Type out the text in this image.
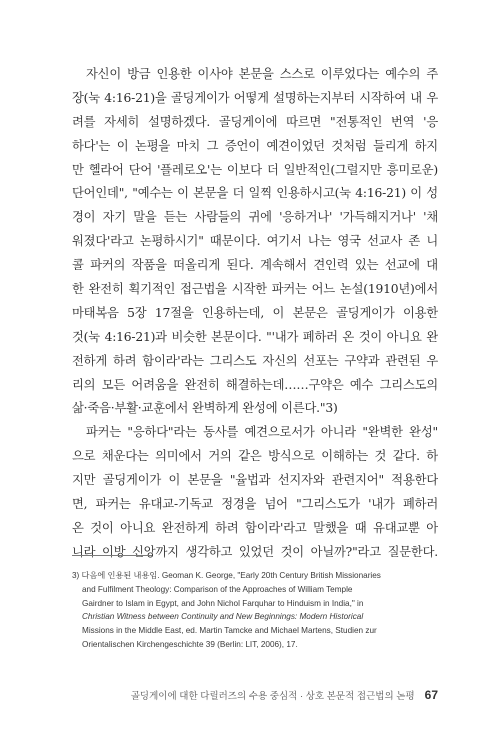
자신이 방금 인용한 이사야 본문을 스스로 이루었다는 예수의 주
장(눅 4:16-21)을 골딩게이가 어떻게 설명하는지부터 시작하여 내 우
려를 자세히 설명하겠다. 골딩게이에 따르면 "전통적인 번역 '응
하다'는 이 논평을 마치 그 증언이 예견이었던 것처럼 들리게 하지
만 헬라어 단어 '플레로오'는 이보다 더 일반적인(그럴지만 흥미로운)
단어인데", "예수는 이 본문을 더 일찍 인용하시고(눅 4:16-21) 이 성
경이 자기 말을 듣는 사람들의 귀에 '응하거나' '가득해지거나' '채
워졌다'라고 논평하시기" 때문이다. 여기서 나는 영국 선교사 존 니
콜 파커의 작품을 떠올리게 된다. 계속해서 견인력 있는 선교에 대
한 완전히 획기적인 접근법을 시작한 파커는 어느 논설(1910년)에서
마태복음 5장 17절을 인용하는데, 이 본문은 골딩게이가 이용한
것(눅 4:16-21)과 비슷한 본문이다. "'내가 폐하러 온 것이 아니요 완
전하게 하려 함이라'라는 그리스도 자신의 선포는 구약과 관련된 우
리의 모든 어려움을 완전히 해결하는데……구약은 예수 그리스도의
삶·죽음·부활·교훈에서 완벽하게 완성에 이른다."3)
파커는 "응하다"라는 동사를 예견으로서가 아니라 "완벽한 완성"
으로 채운다는 의미에서 거의 같은 방식으로 이해하는 것 같다. 하
지만 골딩게이가 이 본문을 "율법과 선지자와 관련지어" 적용한다
면, 파커는 유대교-기독교 정경을 넘어 "그리스도가 '내가 폐하러
온 것이 아니요 완전하게 하려 함이라'라고 말했을 때 유대교뿐 아
니라 이방 신앙까지 생각하고 있었던 것이 아닐까?"라고 질문한다.
3) 다음에 인용된 내용임. Geoman K. George, "Early 20th Century British Missionaries
and Fulfilment Theology: Comparison of the Approaches of William Temple
Gairdner to Islam in Egypt, and John Nichol Farquhar to Hinduism in India," in
Christian Witness between Continuity and New Beginnings: Modern Historical
Missions in the Middle East, ed. Martin Tamcke and Michael Martens, Studien zur
Orientalischen Kirchengeschichte 39 (Berlin: LIT, 2006), 17.
골딩게이에 대한 다릴러즈의 수용 중심적 · 상호 본문적 접근법의 논평 67
